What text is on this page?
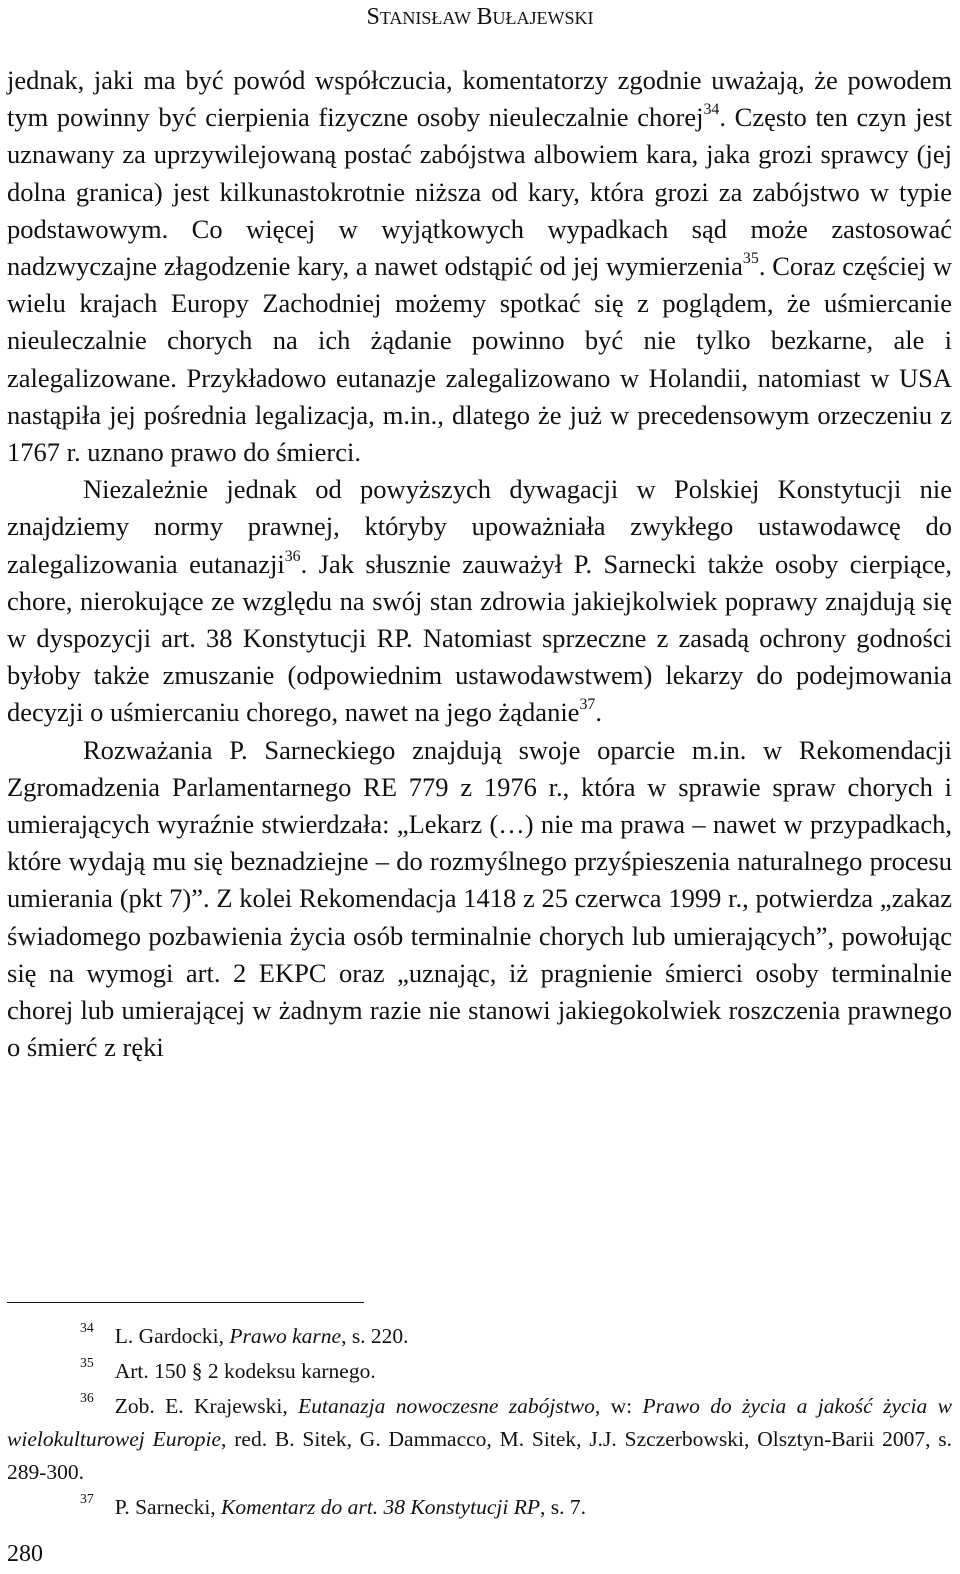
STANISŁAW BUŁAJEWSKI

jednak, jaki ma być powód współczucia, komentatorzy zgodnie uważają, że powodem tym powinny być cierpienia fizyczne osoby nieuleczalnie chorej$^{34}$. Często ten czyn jest uznawany za uprzywilejowaną postać zabójstwa albowiem kara, jaka grozi sprawcy (jej dolna granica) jest kilkunastokrotnie niższa od kary, która grozi za zabójstwo w typie podstawowym. Co więcej w wyjątkowych wypadkach sąd może zastosować nadzwyczajne złagodzenie kary, a nawet odstąpić od jej wymierzenia$^{35}$. Coraz częściej w wielu krajach Europy Zachodniej możemy spotkać się z poglądem, że uśmiercanie nieuleczalnie chorych na ich żądanie powinno być nie tylko bezkarne, ale i zalegalizowane. Przykładowo eutanazje zalegalizowano w Holandii, natomiast w USA nastąpiła jej pośrednia legalizacja, m.in., dlatego że już w precedensowym orzeczeniu z 1767 r. uznano prawo do śmierci.

Niezależnie jednak od powyższych dywagacji w Polskiej Konstytucji nie znajdziemy normy prawnej, któryby upoważniała zwykłego ustawodawcę do zalegalizowania eutanazji$^{36}$. Jak słusznie zauważył P. Sarnecki także osoby cierpiące, chore, nierokujące ze względu na swój stan zdrowia jakiejkolwiek poprawy znajdują się w dyspozycji art. 38 Konstytucji RP. Natomiast sprzeczne z zasadą ochrony godności byłoby także zmuszanie (odpowiednim ustawodawstwem) lekarzy do podejmowania decyzji o uśmiercaniu chorego, nawet na jego żądanie$^{37}$.

Rozważania P. Sarneckiego znajdują swoje oparcie m.in. w Rekomendacji Zgromadzenia Parlamentarnego RE 779 z 1976 r., która w sprawie spraw chorych i umierających wyraźnie stwierdzała: „Lekarz (…) nie ma prawa – nawet w przypadkach, które wydają mu się beznadziejne – do rozmyślnego przyśpieszenia naturalnego procesu umierania (pkt 7)”. Z kolei Rekomendacja 1418 z 25 czerwca 1999 r., potwierdza „zakaz świadomego pozbawienia życia osób terminalnie chorych lub umierających”, powołując się na wymogi art. 2 EKPC oraz „uznając, iż pragnienie śmierci osoby terminalnie chorej lub umierającej w żadnym razie nie stanowi jakiegokolwiek roszczenia prawnego o śmierć z ręki

$^{34}$ L. Gardocki, Prawo karne, s. 220.

$^{35}$ Art. 150 § 2 kodeksu karnego.

$^{36}$ Zob. E. Krajewski, Eutanazja nowoczesne zabójstwo, w: Prawo do życia a jakość życia w wielokulturowej Europie, red. B. Sitek, G. Dammacco, M. Sitek, J.J. Szczerbowski, Olsztyn-Barii 2007, s. 289-300.

$^{37}$ P. Sarnecki, Komentarz do art. 38 Konstytucji RP, s. 7.

280
